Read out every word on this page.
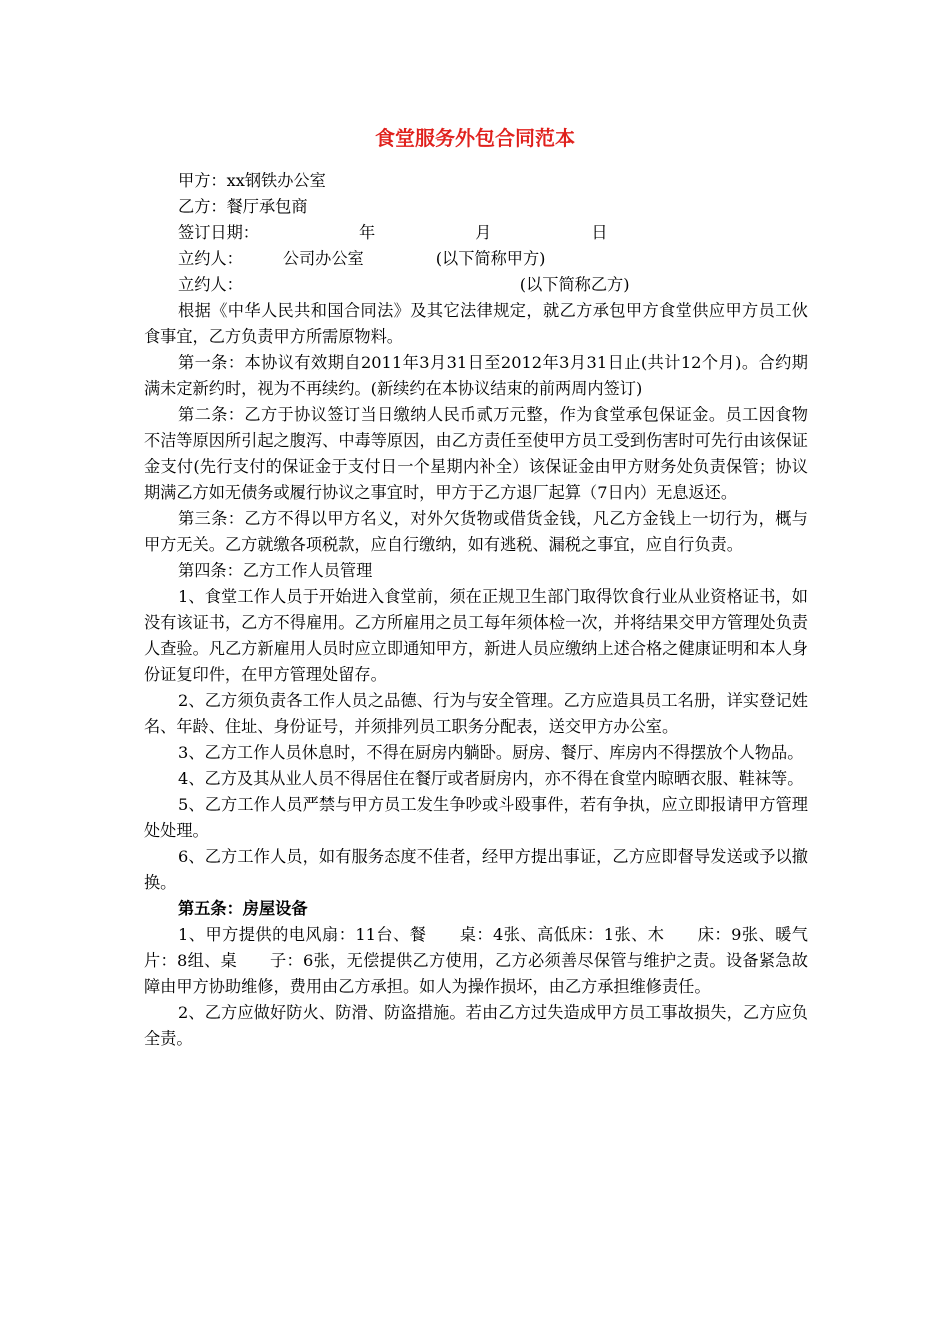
食堂服务外包合同范本
甲方：xx钢铁办公室
乙方：餐厅承包商
签订日期：	年	月	日
立约人： 公司办公室	(以下简称甲方)
立约人：	(以下简称乙方)

根据《中华人民共和国合同法》及其它法律规定，就乙方承包甲方食堂供应甲方员工伙食事宜，乙方负责甲方所需原物料。

第一条：本协议有效期自2011年3月31日至2012年3月31日止(共计12个月)。合约期满未定新约时，视为不再续约。(新续约在本协议结束的前两周内签订)

第二条：乙方于协议签订当日缴纳人民币贰万元整，作为食堂承包保证金。员工因食物不洁等原因所引起之腹泻、中毒等原因，由乙方责任至使甲方员工受到伤害时可先行由该保证金支付(先行支付的保证金于支付日一个星期内补全）该保证金由甲方财务处负责保管；协议期满乙方如无债务或履行协议之事宜时，甲方于乙方退厂起算（7日内）无息返还。

第三条：乙方不得以甲方名义，对外欠货物或借货金钱，凡乙方金钱上一切行为，概与甲方无关。乙方就缴各项税款，应自行缴纳，如有逃税、漏税之事宜，应自行负责。

第四条：乙方工作人员管理

1、食堂工作人员于开始进入食堂前，须在正规卫生部门取得饮食行业从业资格证书，如没有该证书，乙方不得雇用。乙方所雇用之员工每年须体检一次，并将结果交甲方管理处负责人查验。凡乙方新雇用人员时应立即通知甲方，新进人员应缴纳上述合格之健康证明和本人身份证复印件，在甲方管理处留存。

2、乙方须负责各工作人员之品德、行为与安全管理。乙方应造具员工名册，详实登记姓名、年龄、住址、身份证号，并须排列员工职务分配表，送交甲方办公室。

3、乙方工作人员休息时，不得在厨房内躺卧。厨房、餐厅、库房内不得摆放个人物品。

4、乙方及其从业人员不得居住在餐厅或者厨房内，亦不得在食堂内晾晒衣服、鞋袜等。

5、乙方工作人员严禁与甲方员工发生争吵或斗殴事件，若有争执，应立即报请甲方管理处处理。

6、乙方工作人员，如有服务态度不佳者，经甲方提出事证，乙方应即督导发送或予以撤换。

第五条：房屋设备

1、甲方提供的电风扇：11台、餐　　桌：4张、高低床：1张、木　　床：9张、暖气片：8组、桌　　子：6张，无偿提供乙方使用，乙方必须善尽保管与维护之责。设备紧急故障由甲方协助维修，费用由乙方承担。如人为操作损坏，由乙方承担维修责任。

2、乙方应做好防火、防滑、防盗措施。若由乙方过失造成甲方员工事故损失，乙方应负全责。
